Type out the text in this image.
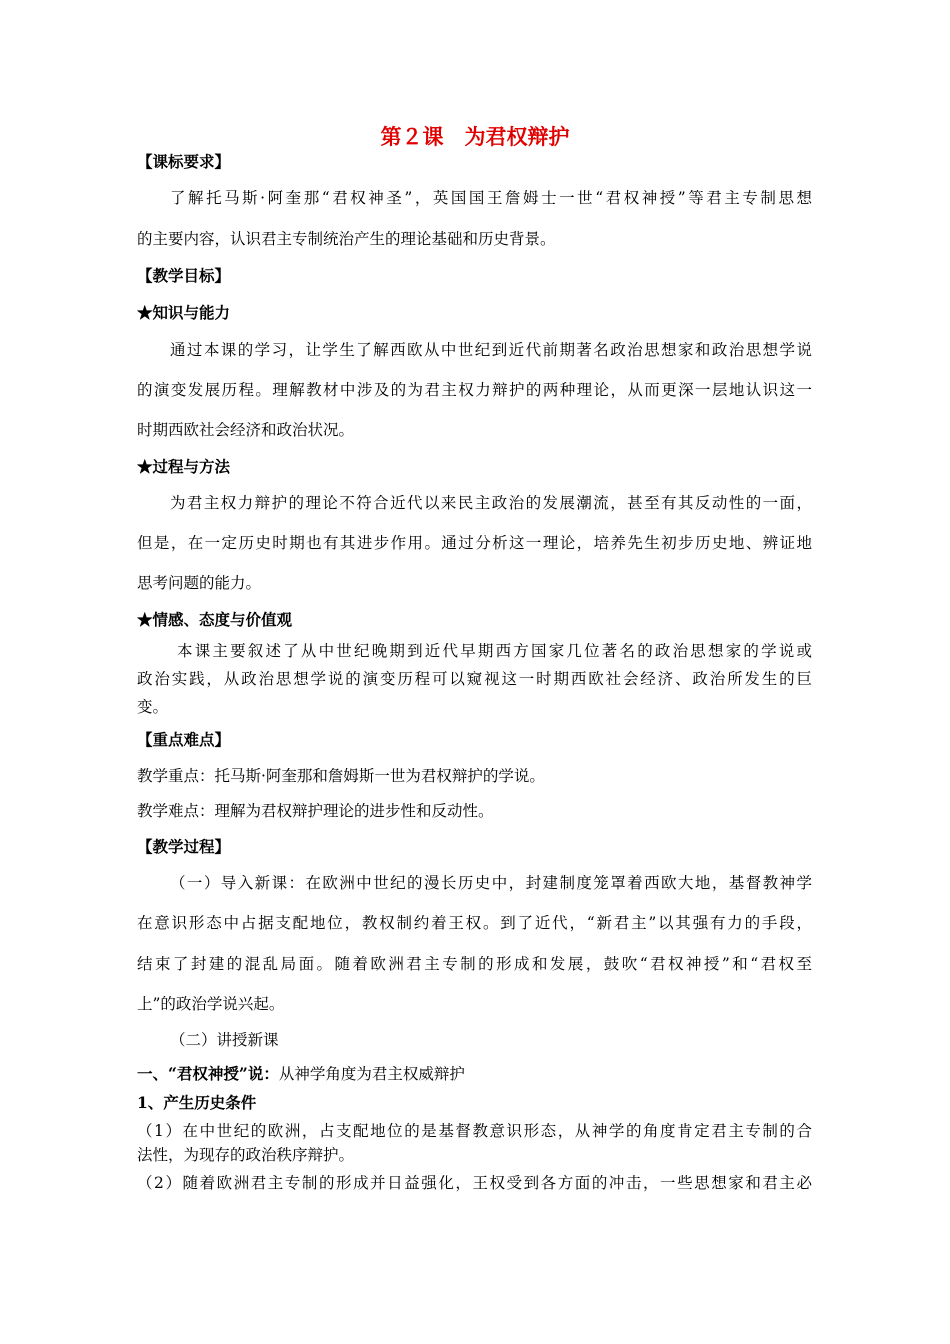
第２课　为君权辩护
【课标要求】
了解托马斯·阿奎那“君权神圣”，英国国王詹姆士一世“君权神授”等君主专制思想
的主要内容，认识君主专制统治产生的理论基础和历史背景。
【教学目标】
★知识与能力
通过本课的学习，让学生了解西欧从中世纪到近代前期著名政治思想家和政治思想学说
的演变发展历程。理解教材中涉及的为君主权力辩护的两种理论，从而更深一层地认识这一
时期西欧社会经济和政治状况。
★过程与方法
为君主权力辩护的理论不符合近代以来民主政治的发展潮流，甚至有其反动性的一面，
但是，在一定历史时期也有其进步作用。通过分析这一理论，培养先生初步历史地、辨证地
思考问题的能力。
★情感、态度与价值观
本课主要叙述了从中世纪晚期到近代早期西方国家几位著名的政治思想家的学说或
政治实践，从政治思想学说的演变历程可以窥视这一时期西欧社会经济、政治所发生的巨
变。
【重点难点】
教学重点：托马斯·阿奎那和詹姆斯一世为君权辩护的学说。
教学难点：理解为君权辩护理论的进步性和反动性。
【教学过程】
（一）导入新课：在欧洲中世纪的漫长历史中，封建制度笼罩着西欧大地，基督教神学
在意识形态中占据支配地位，教权制约着王权。到了近代，“新君主”以其强有力的手段，
结束了封建的混乱局面。随着欧洲君主专制的形成和发展，鼓吹“君权神授”和“君权至
上”的政治学说兴起。
（二）讲授新课
一、“君权神授”说：从神学角度为君主权威辩护
1、产生历史条件
（1）在中世纪的欧洲，占支配地位的是基督教意识形态，从神学的角度肯定君主专制的合
法性，为现存的政治秩序辩护。
（2）随着欧洲君主专制的形成并日益强化，王权受到各方面的冲击，一些思想家和君主必
